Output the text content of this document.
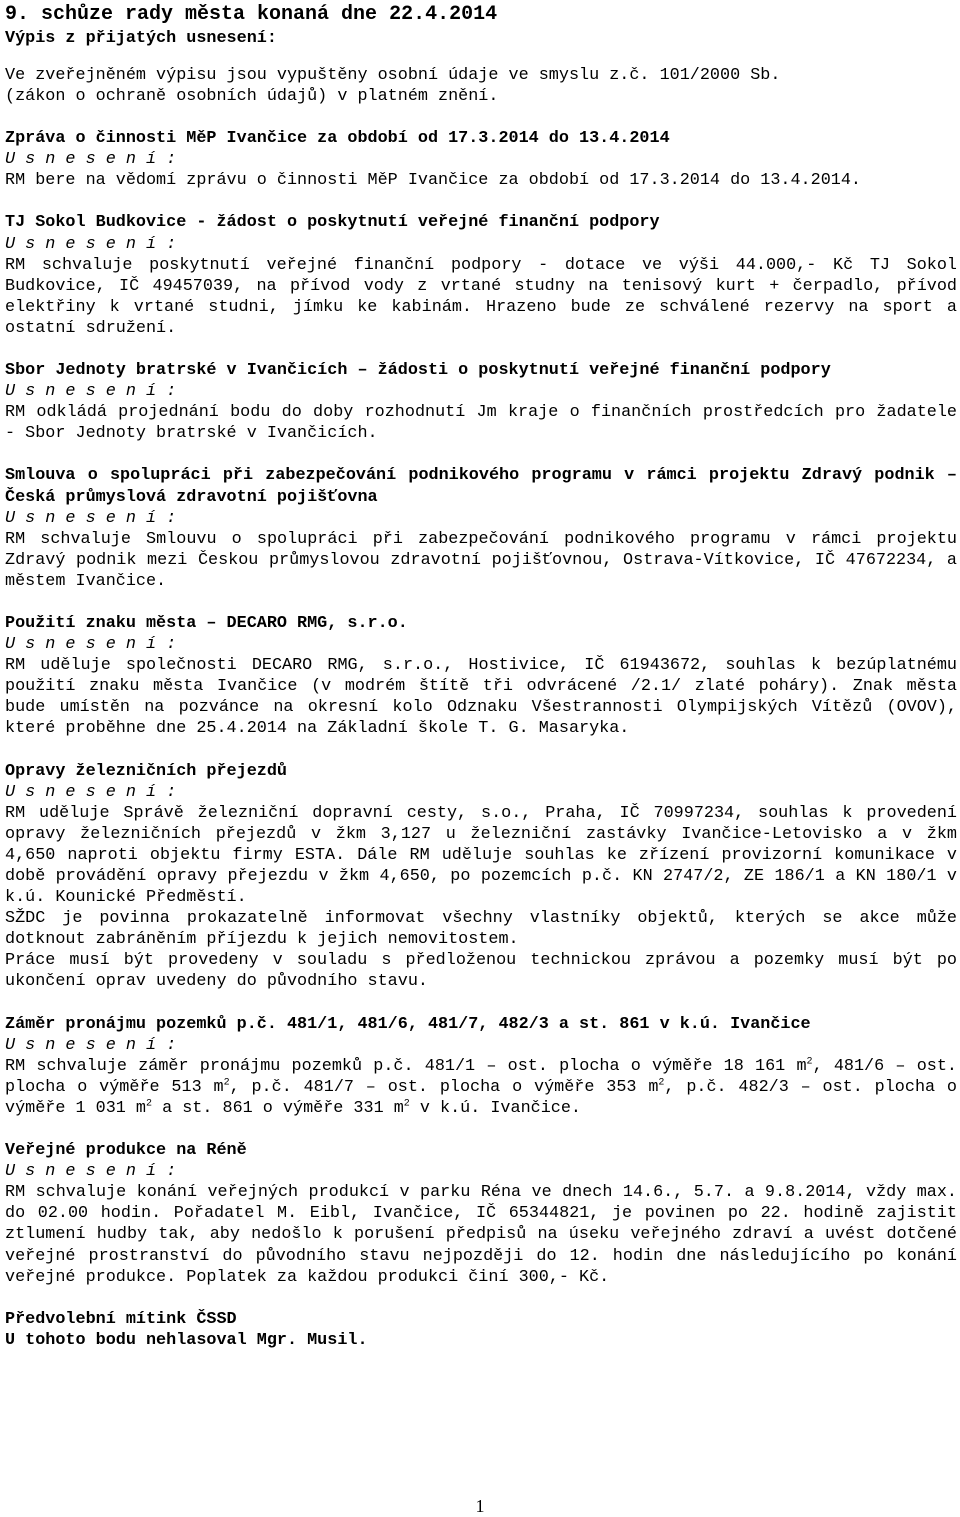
9. schůze rady města konaná dne 22.4.2014
Výpis z přijatých usnesení:
Ve zveřejněném výpisu jsou vypuštěny osobní údaje ve smyslu z.č. 101/2000 Sb.
(zákon o ochraně osobních údajů) v platném znění.
Zpráva o činnosti MěP Ivančice za období od 17.3.2014 do 13.4.2014
U s n e s e n í :
RM bere na vědomí zprávu o činnosti MěP Ivančice za období od 17.3.2014 do 13.4.2014.
TJ Sokol Budkovice - žádost o poskytnutí veřejné finanční podpory
U s n e s e n í :
RM schvaluje poskytnutí veřejné finanční podpory - dotace ve výši 44.000,- Kč TJ Sokol Budkovice, IČ 49457039, na přívod vody z vrtané studny na tenisový kurt + čerpadlo, přívod elektřiny k vrtané studni, jímku ke kabinám. Hrazeno bude ze schválené rezervy na sport a ostatní sdružení.
Sbor Jednoty bratrské v Ivančicích – žádosti o poskytnutí veřejné finanční podpory
U s n e s e n í :
RM odkládá projednání bodu do doby rozhodnutí Jm kraje o finančních prostředcích pro žadatele - Sbor Jednoty bratrské v Ivančicích.
Smlouva o spolupráci při zabezpečování podnikového programu v rámci projektu Zdravý podnik – Česká průmyslová zdravotní pojišťovna
U s n e s e n í :
RM schvaluje Smlouvu o spolupráci při zabezpečování podnikového programu v rámci projektu Zdravý podnik mezi Českou průmyslovou zdravotní pojišťovnou, Ostrava-Vítkovice, IČ 47672234, a městem Ivančice.
Použití znaku města – DECARO RMG, s.r.o.
U s n e s e n í :
RM uděluje společnosti DECARO RMG, s.r.o., Hostivice, IČ 61943672, souhlas k bezúplatnému použití znaku města Ivančice (v modrém štítě tři odvrácené /2.1/ zlaté poháry). Znak města bude umístěn na pozvánce na okresní kolo Odznaku Všestrannosti Olympijských Vítězů (OVOV), které proběhne dne 25.4.2014 na Základní škole T. G. Masaryka.
Opravy železničních přejezdů
U s n e s e n í :
RM uděluje Správě železniční dopravní cesty, s.o., Praha, IČ 70997234, souhlas k provedení opravy železničních přejezdů v žkm 3,127 u železniční zastávky Ivančice-Letovisko a v žkm 4,650 naproti objektu firmy ESTA. Dále RM uděluje souhlas ke zřízení provizorní komunikace v době provádění opravy přejezdu v žkm 4,650, po pozemcích p.č. KN 2747/2, ZE 186/1 a KN 180/1 v k.ú. Kounické Předměstí.
SŽDC je povinna prokazatelně informovat všechny vlastníky objektů, kterých se akce může dotknout zabráněním příjezdu k jejich nemovitostem.
Práce musí být provedeny v souladu s předloženou technickou zprávou a pozemky musí být po ukončení oprav uvedeny do původního stavu.
Záměr pronájmu pozemků p.č. 481/1, 481/6, 481/7, 482/3 a st. 861 v k.ú. Ivančice
U s n e s e n í :
RM schvaluje záměr pronájmu pozemků p.č. 481/1 – ost. plocha o výměře 18 161 $m^2$, 481/6 – ost. plocha o výměře 513 $m^2$, p.č. 481/7 – ost. plocha o výměře 353 $m^2$, p.č. 482/3 – ost. plocha o výměře 1 031 $m^2$ a st. 861 o výměře 331 $m^2$ v k.ú. Ivančice.
Veřejné produkce na Réně
U s n e s e n í :
RM schvaluje konání veřejných produkcí v parku Réna ve dnech 14.6., 5.7. a 9.8.2014, vždy max. do 02.00 hodin. Pořadatel M. Eibl, Ivančice, IČ 65344821, je povinen po 22. hodině zajistit ztlumení hudby tak, aby nedošlo k porušení předpisů na úseku veřejného zdraví a uvést dotčené veřejné prostranství do původního stavu nejpozději do 12. hodin dne následujícího po konání veřejné produkce. Poplatek za každou produkci činí 300,- Kč.
Předvolební mítink ČSSD
U tohoto bodu nehlasoval Mgr. Musil.
1
